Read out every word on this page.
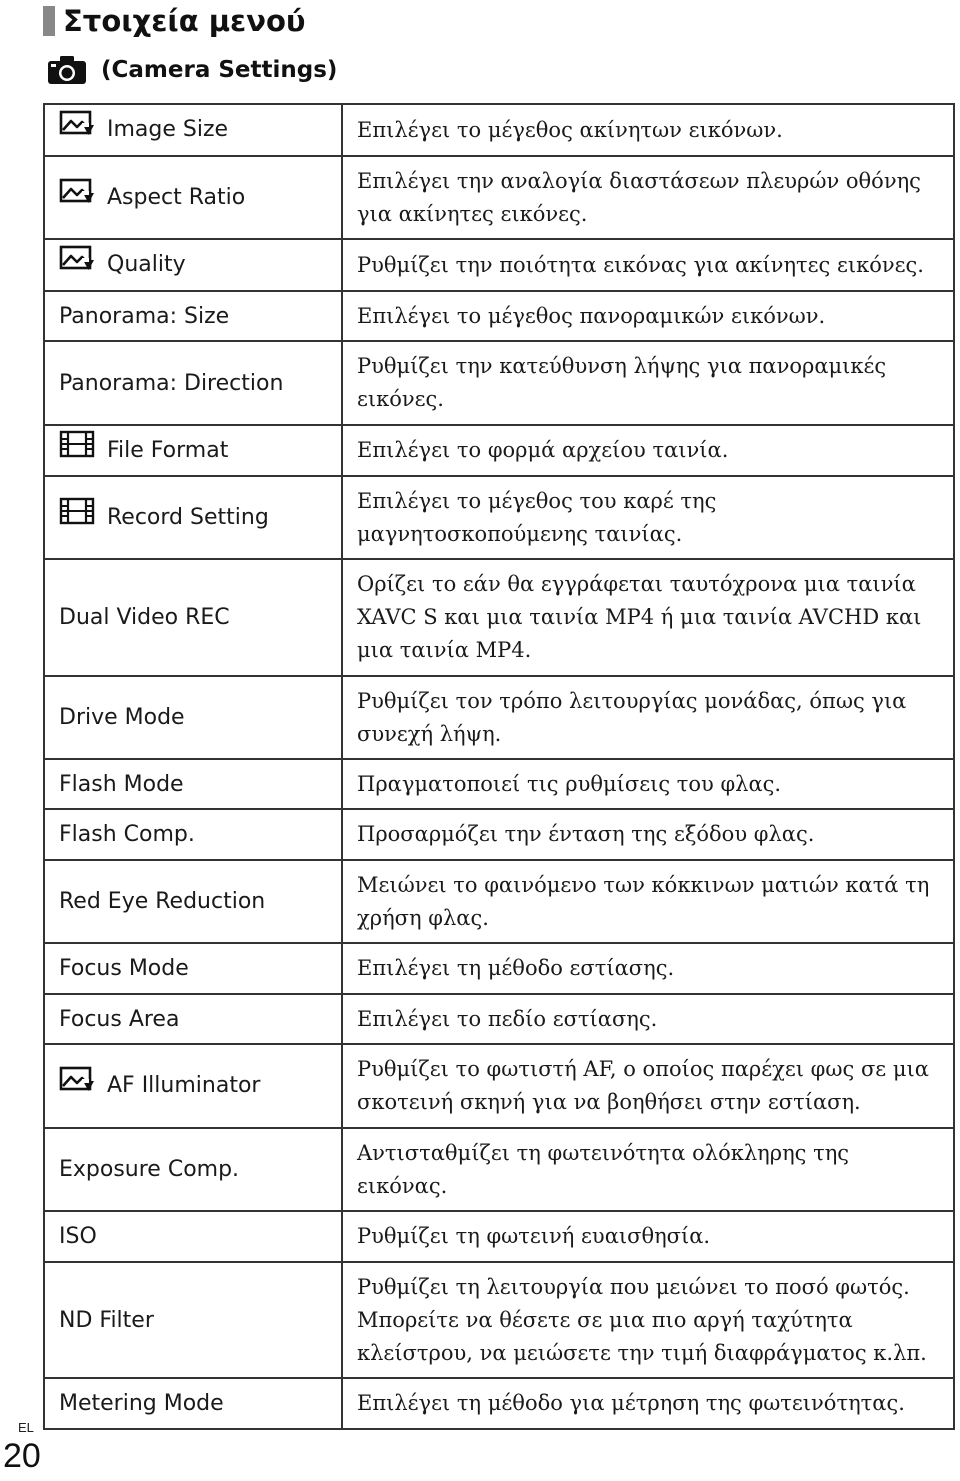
Στοιχεία μενού
(Camera Settings)
Image Size	Επιλέγει το μέγεθος ακίνητων εικόνων.
Aspect Ratio	Επιλέγει την αναλογία διαστάσεων πλευρών οθόνης για ακίνητες εικόνες.
Quality	Ρυθμίζει την ποιότητα εικόνας για ακίνητες εικόνες.
Panorama: Size	Επιλέγει το μέγεθος πανοραμικών εικόνων.
Panorama: Direction	Ρυθμίζει την κατεύθυνση λήψης για πανοραμικές εικόνες.
File Format	Επιλέγει το φορμά αρχείου ταινία.
Record Setting	Επιλέγει το μέγεθος του καρέ της μαγνητοσκοπούμενης ταινίας.
Dual Video REC	Ορίζει το εάν θα εγγράφεται ταυτόχρονα μια ταινία XAVC S και μια ταινία MP4 ή μια ταινία AVCHD και μια ταινία MP4.
Drive Mode	Ρυθμίζει τον τρόπο λειτουργίας μονάδας, όπως για συνεχή λήψη.
Flash Mode	Πραγματοποιεί τις ρυθμίσεις του φλας.
Flash Comp.	Προσαρμόζει την ένταση της εξόδου φλας.
Red Eye Reduction	Μειώνει το φαινόμενο των κόκκινων ματιών κατά τη χρήση φλας.
Focus Mode	Επιλέγει τη μέθοδο εστίασης.
Focus Area	Επιλέγει το πεδίο εστίασης.
AF Illuminator	Ρυθμίζει το φωτιστή AF, ο οποίος παρέχει φως σε μια σκοτεινή σκηνή για να βοηθήσει στην εστίαση.
Exposure Comp.	Αντισταθμίζει τη φωτεινότητα ολόκληρης της εικόνας.
ISO	Ρυθμίζει τη φωτεινή ευαισθησία.
ND Filter	Ρυθμίζει τη λειτουργία που μειώνει το ποσό φωτός. Μπορείτε να θέσετε σε μια πιο αργή ταχύτητα κλείστρου, να μειώσετε την τιμή διαφράγματος κ.λπ.
Metering Mode	Επιλέγει τη μέθοδο για μέτρηση της φωτεινότητας.
EL
20
